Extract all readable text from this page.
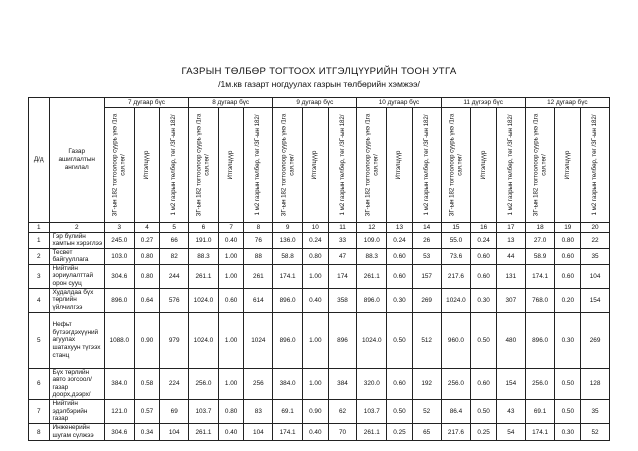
ГАЗРЫН ТӨЛБӨР ТОГТООХ ИТГЭЛЦҮҮРИЙН ТООН УТГА
/1м.кв газарт ногдуулах газрын төлбөрийн хэмжээ/
Д/д	Газар ашиглалтын ангилал	7 дугаар бүс			8 дугаар бүс			9 дугаар бүс			10 дугаар бүс			11 дүгээр бүс			12 дугаар бүс		

		ЗГ-ын 182 тогтоолоор суурь үнэ /1га сая.төг/	Итгэлцүүр	1 м2 газрын төлбөр, төг /ЗГ-ын 182/	ЗГ-ын 182 тогтоолоор суурь үнэ /1га сая.төг/	Итгэлцүүр	1 м2 газрын төлбөр, төг /ЗГ-ын 182/	ЗГ-ын 182 тогтоолоор суурь үнэ /1га сая.төг/	Итгэлцүүр	1 м2 газрын төлбөр, төг /ЗГ-ын 182/	ЗГ-ын 182 тогтоолоор суурь үнэ /1га сая.төг/	Итгэлцүүр	1 м2 газрын төлбөр, төг /ЗГ-ын 182/	ЗГ-ын 182 тогтоолоор суурь үнэ /1га сая.төг/	Итгэлцүүр	1 м2 газрын төлбөр, төг /ЗГ-ын 182/	ЗГ-ын 182 тогтоолоор суурь үнэ /1га сая.төг/	Итгэлцүүр	1 м2 газрын төлбөр, төг /ЗГ-ын 182/

1	2	3	4	5	6	7	8	9	10	11	12	13	14	15	16	17	18	19	20
1	Гэр бүлийн хамтын хэрэглээ	245.0	0.27	66	191.0	0.40	76	136.0	0.24	33	109.0	0.24	26	55.0	0.24	13	27.0	0.80	22
2	Тесвет байгууллага	103.0	0.80	82	88.3	1.00	88	58.8	0.80	47	88.3	0.60	53	73.6	0.60	44	58.9	0.60	35
3	Нийтийн зориулалттай орон сууц	304.6	0.80	244	261.1	1.00	261	174.1	1.00	174	261.1	0.60	157	217.6	0.60	131	174.1	0.60	104
4	Худалдаа бүх төрлийн үйлчилгээ	896.0	0.64	576	1024.0	0.60	614	896.0	0.40	358	896.0	0.30	269	1024.0	0.30	307	768.0	0.20	154
5	Нефьт бүтээгдэхүүний агуулах шатахуун түгээх станц	1088.0	0.90	979	1024.0	1.00	1024	896.0	1.00	896	1024.0	0.50	512	960.0	0.50	480	896.0	0.30	269
6	Бүх төрлийн авто зогсоол/ газар доорх,дээрх/	384.0	0.58	224	256.0	1.00	256	384.0	1.00	384	320.0	0.60	192	256.0	0.60	154	256.0	0.50	128
7	Нийтийн эдэлбэрийн газар	121.0	0.57	69	103.7	0.80	83	69.1	0.90	62	103.7	0.50	52	86.4	0.50	43	69.1	0.50	35
8	Инженерийн шугам сүлжээ	304.6	0.34	104	261.1	0.40	104	174.1	0.40	70	261.1	0.25	65	217.6	0.25	54	174.1	0.30	52
